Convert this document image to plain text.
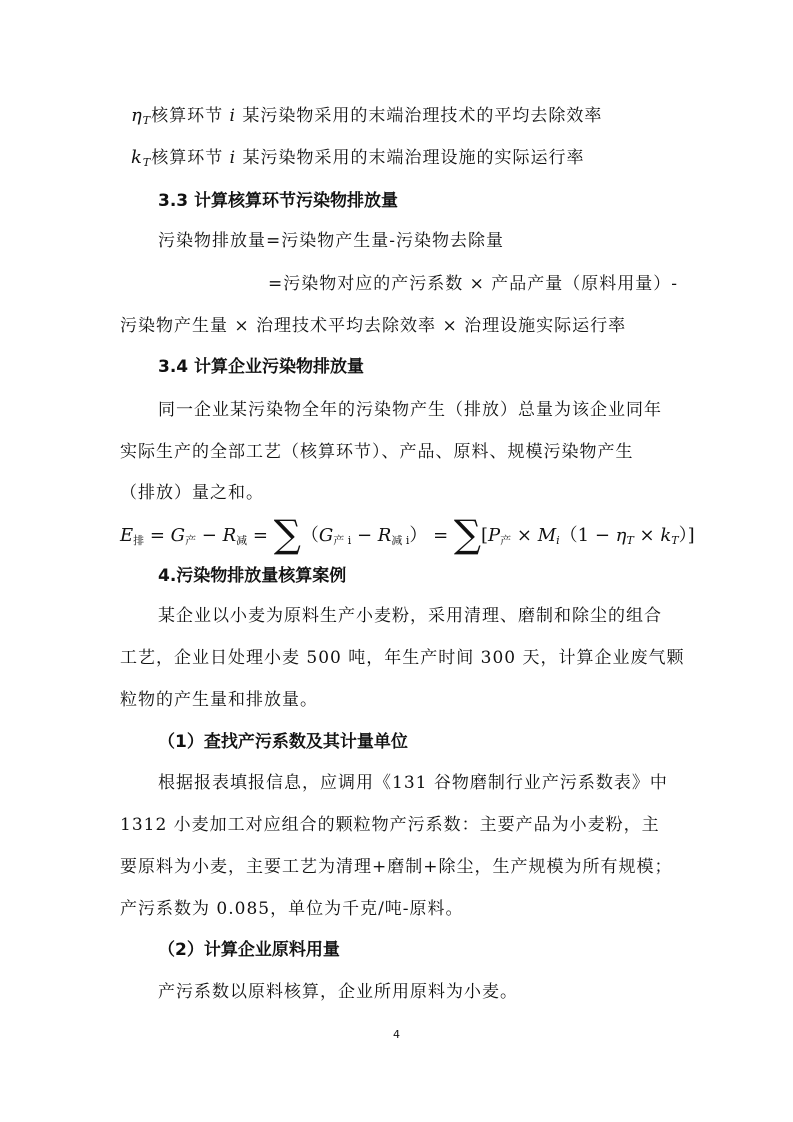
ηT核算环节 i 某污染物采用的末端治理技术的平均去除效率
kT核算环节 i 某污染物采用的末端治理设施的实际运行率
3.3 计算核算环节污染物排放量
污染物排放量=污染物产生量-污染物去除量
=污染物对应的产污系数 × 产品产量（原料用量）-
污染物产生量 × 治理技术平均去除效率 × 治理设施实际运行率
3.4 计算企业污染物排放量
同一企业某污染物全年的污染物产生（排放）总量为该企业同年
实际生产的全部工艺（核算环节）、产品、原料、规模污染物产生
（排放）量之和。
$E_排 = G_产 - R_减 = \sum(G_{产 i} - R_{减 i}) = \sum[P_产 \times Mi(1 - \eta T \times kT)]$
4.污染物排放量核算案例
某企业以小麦为原料生产小麦粉，采用清理、磨制和除尘的组合
工艺，企业日处理小麦 500 吨，年生产时间 300 天，计算企业废气颗
粒物的产生量和排放量。
（1）查找产污系数及其计量单位
根据报表填报信息，应调用《131 谷物磨制行业产污系数表》中
1312 小麦加工对应组合的颗粒物产污系数：主要产品为小麦粉，主
要原料为小麦，主要工艺为清理+磨制+除尘，生产规模为所有规模；
产污系数为 0.085，单位为千克/吨-原料。
（2）计算企业原料用量
产污系数以原料核算，企业所用原料为小麦。
4
